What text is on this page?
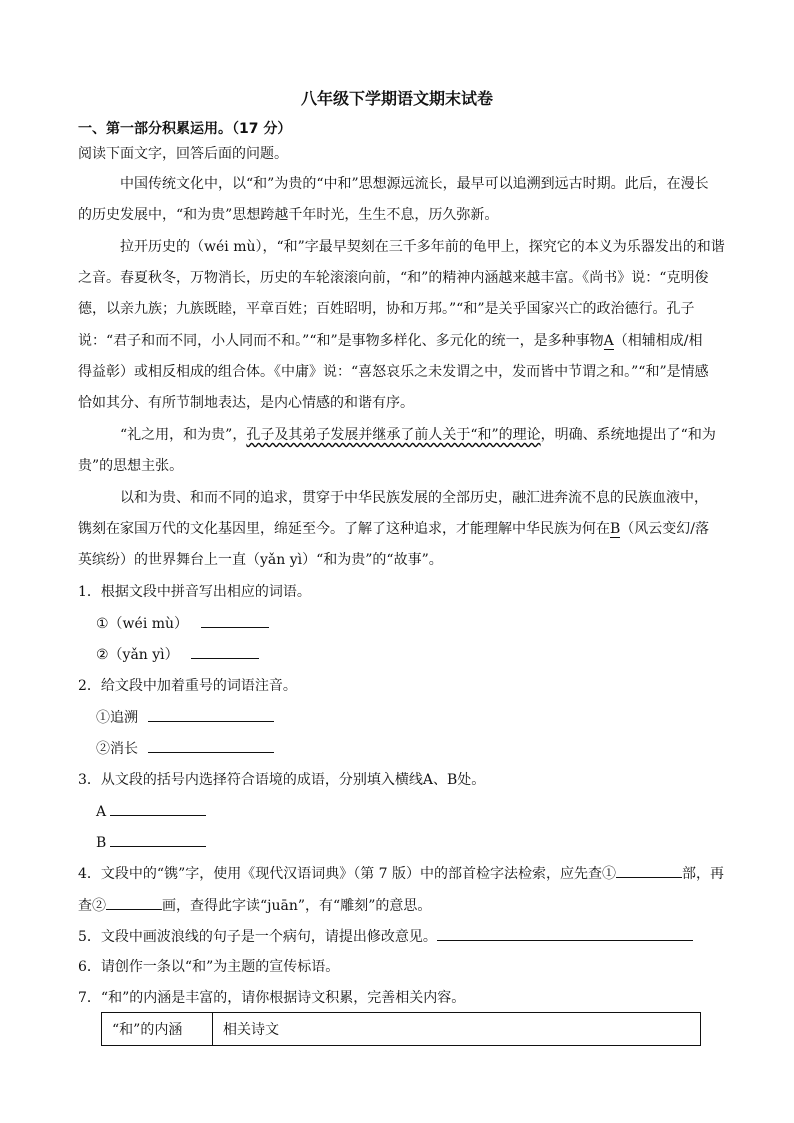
八年级下学期语文期末试卷
一、第一部分积累运用。（17 分）
阅读下面文字，回答后面的问题。
中国传统文化中，以“和”为贵的“中和”思想源远流长，最早可以追溯到远古时期。此后，在漫长
的历史发展中，“和为贵”思想跨越千年时光，生生不息，历久弥新。
拉开历史的（wéi mù），“和”字最早契刻在三千多年前的龟甲上，探究它的本义为乐器发出的和谐
之音。春夏秋冬，万物消长，历史的车轮滚滚向前，“和”的精神内涵越来越丰富。《尚书》说：“克明俊
德，以亲九族；九族既睦，平章百姓；百姓昭明，协和万邦。”“和”是关乎国家兴亡的政治德行。孔子
说：“君子和而不同，小人同而不和。”“和”是事物多样化、多元化的统一，是多种事物A（相辅相成/相
得益彰）或相反相成的组合体。《中庸》说：“喜怒哀乐之未发谓之中，发而皆中节谓之和。”“和”是情感
恰如其分、有所节制地表达，是内心情感的和谐有序。
“礼之用，和为贵”，孔子及其弟子发展并继承了前人关于“和”的理论，明确、系统地提出了“和为
贵”的思想主张。
以和为贵、和而不同的追求，贯穿于中华民族发展的全部历史，融汇进奔流不息的民族血液中，
镌刻在家国万代的文化基因里，绵延至今。了解了这种追求，才能理解中华民族为何在B（风云变幻/落
英缤纷）的世界舞台上一直（yǎn yì）“和为贵”的“故事”。
1．根据文段中拼音写出相应的词语。
①（wéi mù）
②（yǎn yì）
2．给文段中加着重号的词语注音。
①追溯
②消长
3．从文段的括号内选择符合语境的成语，分别填入横线A、B处。
A
B
4．文段中的“镌”字，使用《现代汉语词典》（第 7 版）中的部首检字法检索，应先查①	部，再
查②	画，查得此字读“juān”，有“雕刻”的意思。
5．文段中画波浪线的句子是一个病句，请提出修改意见。
6．请创作一条以“和”为主题的宣传标语。
7．“和”的内涵是丰富的，请你根据诗文积累，完善相关内容。
“和”的内涵	相关诗文
